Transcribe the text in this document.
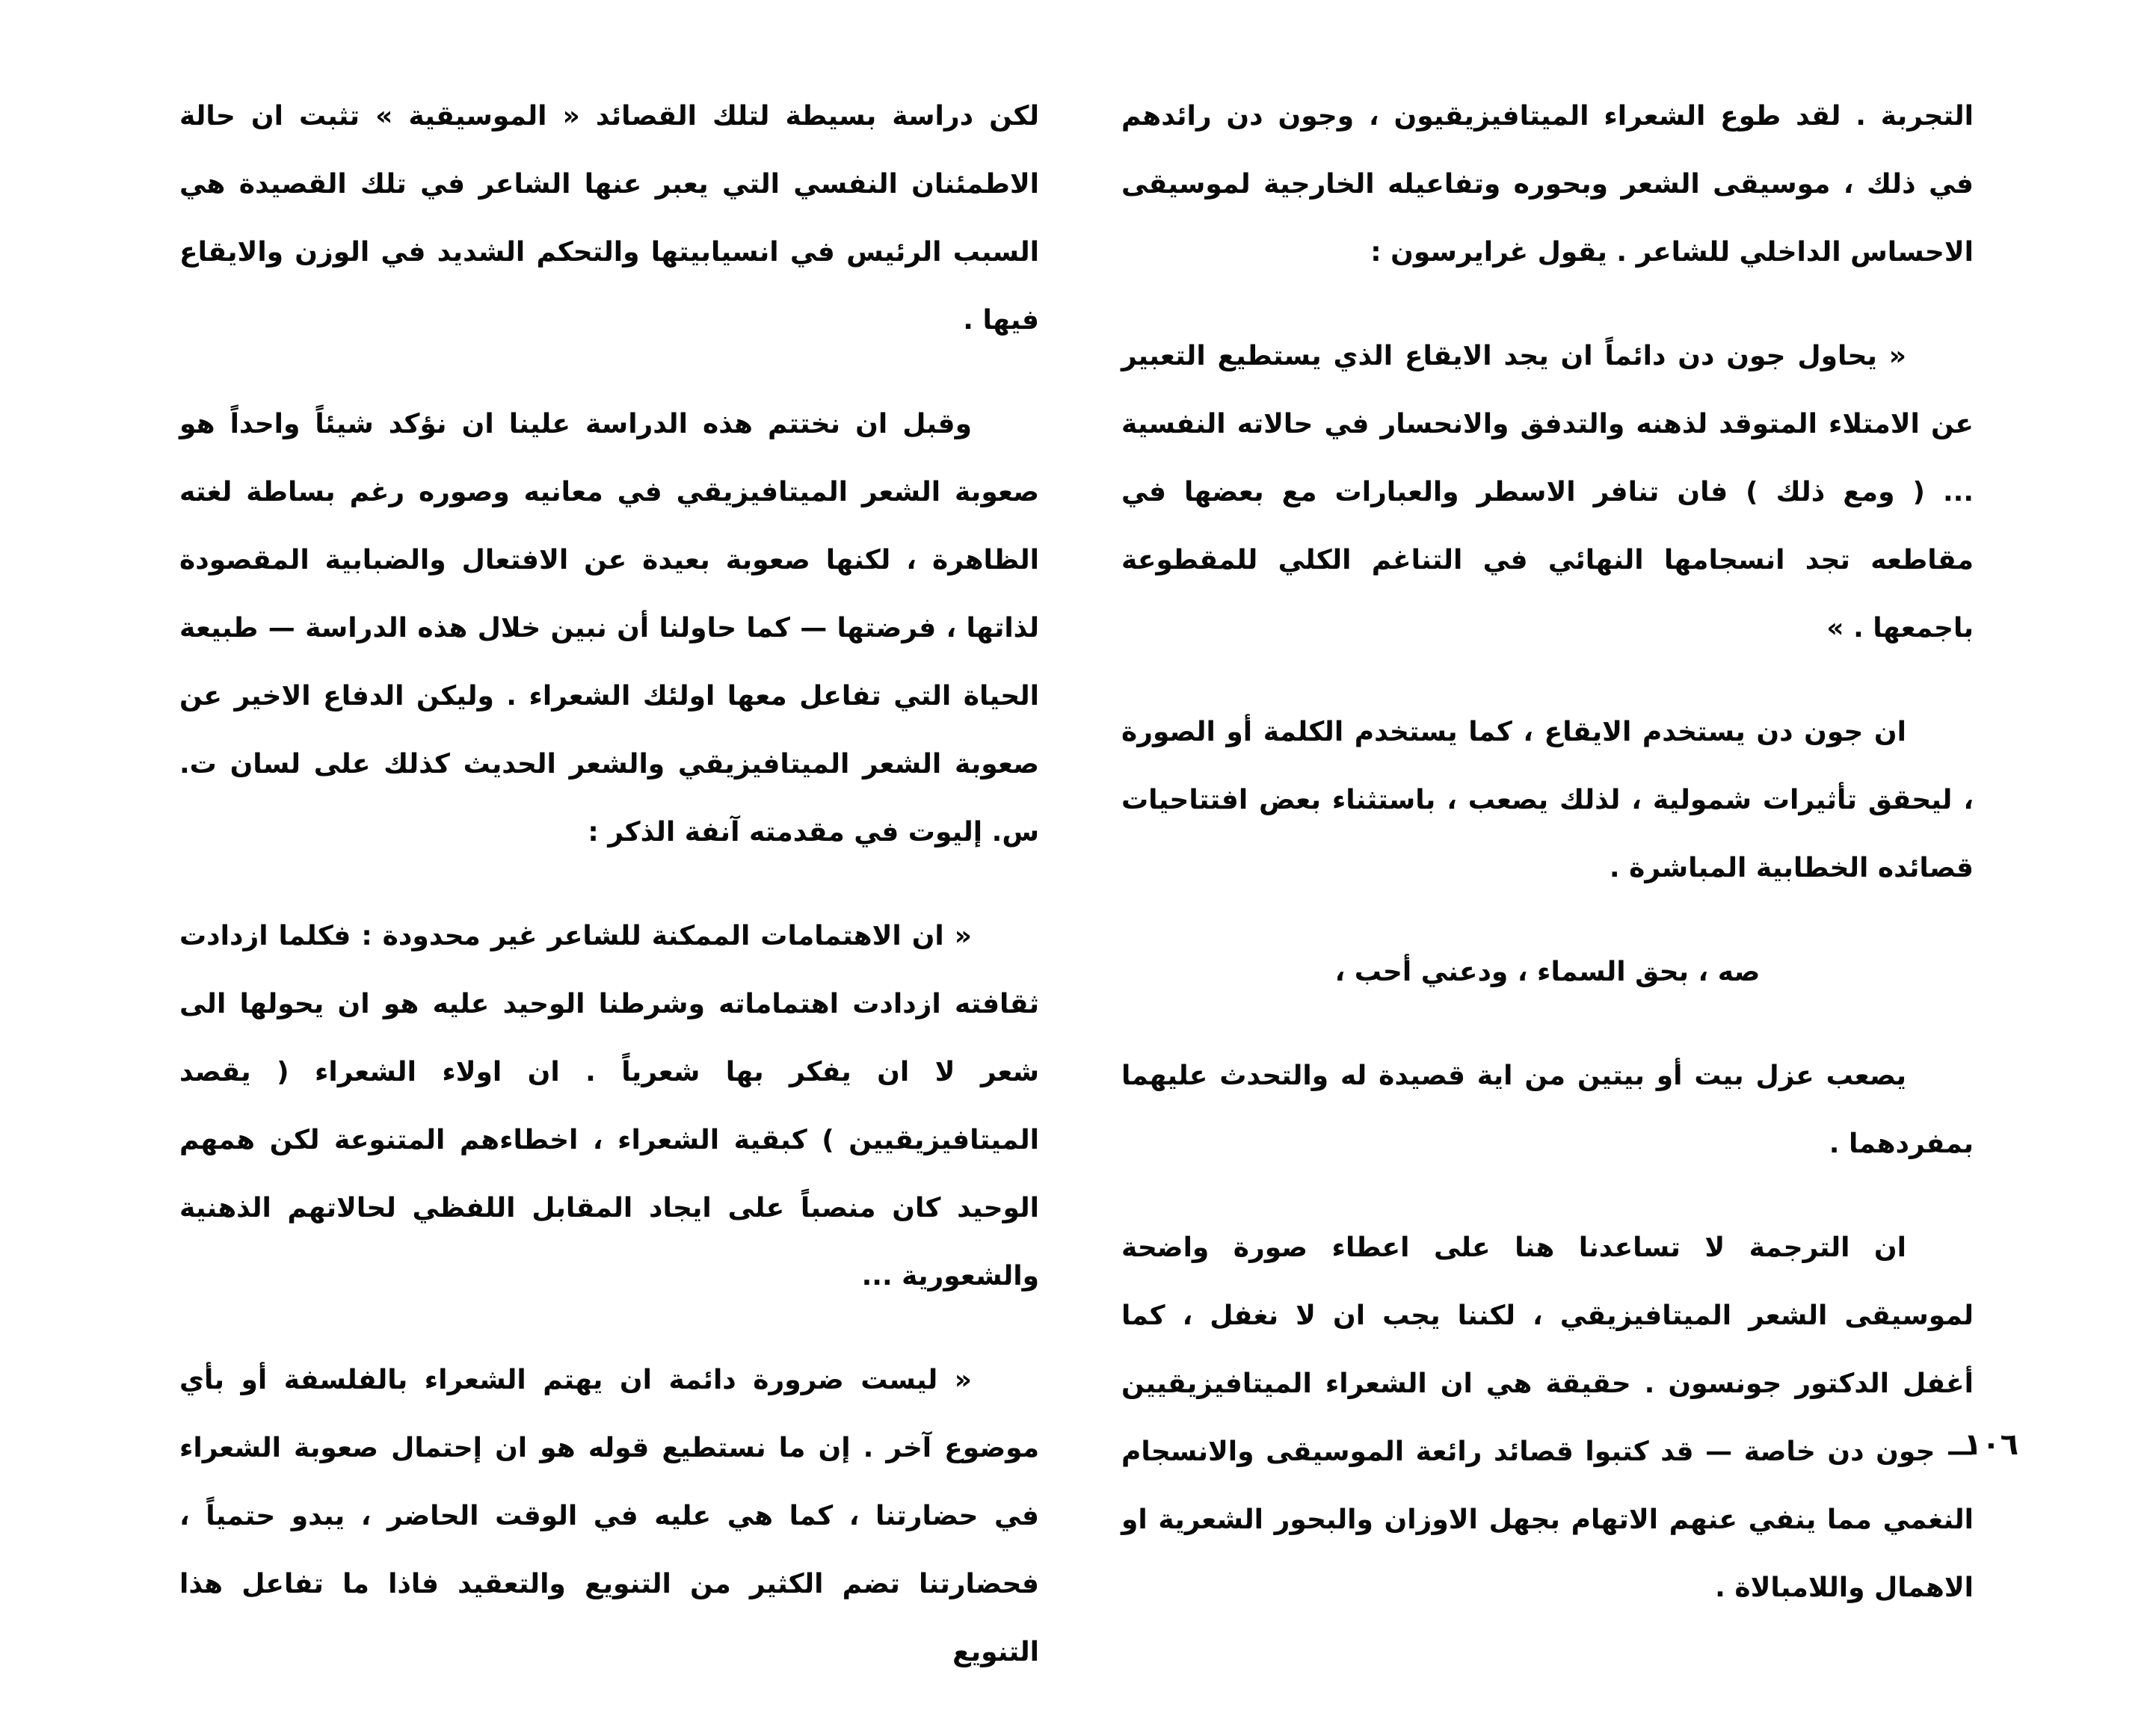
التجربة . لقد طوع الشعراء الميتافيزيقيون ، وجون دن رائدهم في ذلك ، موسيقى الشعر وبحوره وتفاعيله الخارجية لموسيقى الاحساس الداخلي للشاعر . يقول غرايرسون :

« يحاول جون دن دائماً ان يجد الايقاع الذي يستطيع التعبير عن الامتلاء المتوقد لذهنه والتدفق والانحسار في حالاته النفسية ... ( ومع ذلك ) فان تنافر الاسطر والعبارات مع بعضها في مقاطعه تجد انسجامها النهائي في التناغم الكلي للمقطوعة باجمعها . »

ان جون دن يستخدم الايقاع ، كما يستخدم الكلمة أو الصورة ، ليحقق تأثيرات شمولية ، لذلك يصعب ، باستثناء بعض افتتاحيات قصائده الخطابية المباشرة .

صه ، بحق السماء ، ودعني أحب ،

يصعب عزل بيت أو بيتين من اية قصيدة له والتحدث عليهما بمفردهما .

ان الترجمة لا تساعدنا هنا على اعطاء صورة واضحة لموسيقى الشعر الميتافيزيقي ، لكننا يجب ان لا نغفل ، كما أغفل الدكتور جونسون . حقيقة هي ان الشعراء الميتافيزيقيين — جون دن خاصة — قد كتبوا قصائد رائعة الموسيقى والانسجام النغمي مما ينفي عنهم الاتهام بجهل الاوزان والبحور الشعرية او الاهمال واللامبالاة .

لكن دراسة بسيطة لتلك القصائد « الموسيقية » تثبت ان حالة الاطمئنان النفسي التي يعبر عنها الشاعر في تلك القصيدة هي السبب الرئيس في انسيابيتها والتحكم الشديد في الوزن والايقاع فيها .

وقبل ان نختتم هذه الدراسة علينا ان نؤكد شيئاً واحداً هو صعوبة الشعر الميتافيزيقي في معانيه وصوره رغم بساطة لغته الظاهرة ، لكنها صعوبة بعيدة عن الافتعال والضبابية المقصودة لذاتها ، فرضتها — كما حاولنا أن نبين خلال هذه الدراسة — طبيعة الحياة التي تفاعل معها اولئك الشعراء . وليكن الدفاع الاخير عن صعوبة الشعر الميتافيزيقي والشعر الحديث كذلك على لسان ت. س. إليوت في مقدمته آنفة الذكر :

« ان الاهتمامات الممكنة للشاعر غير محدودة : فكلما ازدادت ثقافته ازدادت اهتماماته وشرطنا الوحيد عليه هو ان يحولها الى شعر لا ان يفكر بها شعرياً . ان اولاء الشعراء ( يقصد الميتافيزيقيين ) كبقية الشعراء ، اخطاءهم المتنوعة لكن همهم الوحيد كان منصباً على ايجاد المقابل اللفظي لحالاتهم الذهنية والشعورية ...

« ليست ضرورة دائمة ان يهتم الشعراء بالفلسفة أو بأي موضوع آخر . إن ما نستطيع قوله هو ان إحتمال صعوبة الشعراء في حضارتنا ، كما هي عليه في الوقت الحاضر ، يبدو حتمياً ، فحضارتنا تضم الكثير من التنويع والتعقيد فاذا ما تفاعل هذا التنويع

١٠٦
